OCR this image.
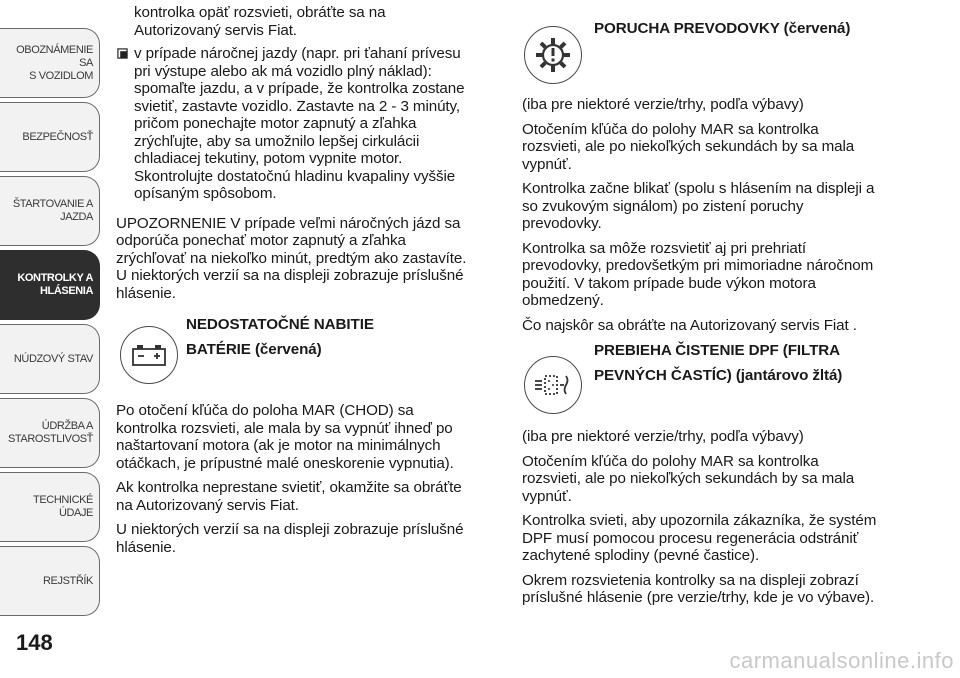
OBOZNÁMENIE SA
S VOZIDLOM
BEZPEČNOSŤ
ŠTARTOVANIE A
JAZDA
KONTROLKY A
HLÁSENIA
NÚDZOVÝ STAV
ÚDRŽBA A
STAROSTLIVOSŤ
TECHNICKÉ ÚDAJE
REJSTŘÍK
148

kontrolka opäť rozsvieti, obráťte sa na

Autorizovaný servis Fiat.

v prípade náročnej jazdy (napr. pri ťahaní prívesu
pri výstupe alebo ak má vozidlo plný náklad):
spomaľte jazdu, a v prípade, že kontrolka zostane
svietiť, zastavte vozidlo. Zastavte na 2 - 3 minúty,
pričom ponechajte motor zapnutý a zľahka
zrýchľujte, aby sa umožnilo lepšej cirkulácii
chladiacej tekutiny, potom vypnite motor.
Skontrolujte dostatočnú hladinu kvapaliny vyššie
opísaným spôsobom.
UPOZORNENIE V prípade veľmi náročných jázd sa
odporúča ponechať motor zapnutý a zľahka
zrýchľovať na niekoľko minút, predtým ako zastavíte.
U niektorých verzií sa na displeji zobrazuje príslušné
hlásenie.

NEDOSTATOČNÉ NABITIE

BATÉRIE (červená)

Po otočení kľúča do poloha MAR (CHOD) sa
kontrolka rozsvieti, ale mala by sa vypnúť ihneď po
naštartovaní motora (ak je motor na minimálnych
otáčkach, je prípustné malé oneskorenie vypnutia).

Ak kontrolka neprestane svietiť, okamžite sa obráťte
na Autorizovaný servis Fiat.

U niektorých verzií sa na displeji zobrazuje príslušné
hlásenie.

PORUCHA PREVODOVKY (červená)

(iba pre niektoré verzie/trhy, podľa výbavy)

Otočením kľúča do polohy MAR sa kontrolka
rozsvieti, ale po niekoľkých sekundách by sa mala
vypnúť.

Kontrolka začne blikať (spolu s hlásením na displeji a
so zvukovým signálom) po zistení poruchy
prevodovky.

Kontrolka sa môže rozsvietiť aj pri prehriatí
prevodovky, predovšetkým pri mimoriadne náročnom
použití. V takom prípade bude výkon motora
obmedzený.

Čo najskôr sa obráťte na Autorizovaný servis Fiat .

PREBIEHA ČISTENIE DPF (FILTRA

PEVNÝCH ČASTÍC) (jantárovo žltá)

(iba pre niektoré verzie/trhy, podľa výbavy)

Otočením kľúča do polohy MAR sa kontrolka
rozsvieti, ale po niekoľkých sekundách by sa mala
vypnúť.

Kontrolka svieti, aby upozornila zákazníka, že systém
DPF musí pomocou procesu regenerácia odstrániť
zachytené splodiny (pevné častice).

Okrem rozsvietenia kontrolky sa na displeji zobrazí
príslušné hlásenie (pre verzie/trhy, kde je vo výbave).

carmanualsonline.info
